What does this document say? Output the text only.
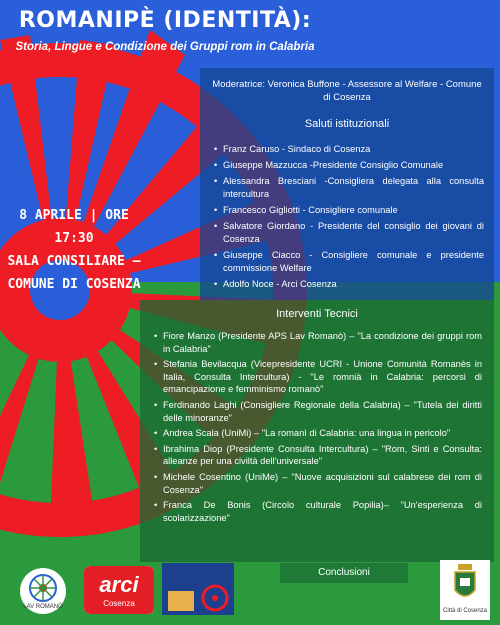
ROMANIPÈ (IDENTITÀ):
Storia, Lingue e Condizione dei Gruppi rom in Calabria
8 APRILE | ORE 17:30
SALA CONSILIARE –
COMUNE DI COSENZA
Moderatrice: Veronica Buffone - Assessore al Welfare - Comune di Cosenza
Saluti istituzionali
• Franz Caruso - Sindaco di Cosenza
• Giuseppe Mazzucca -Presidente Consiglio Comunale
• Alessandra Bresciani -Consigliera delegata alla consulta intercultura
• Francesco Gigliotti - Consigliere comunale
• Salvatore Giordano - Presidente del consiglio dei giovani di Cosenza
• Giuseppe Ciacco - Consigliere comunale e presidente commissione Welfare
• Adolfo Noce - Arci Cosenza
Interventi Tecnici
• Fiore Manzo (Presidente APS Lav Romanò) – "La condizione dei gruppi rom in Calabria"
• Stefania Bevilacqua (Vicepresidente UCRI - Unione Comunità Romanès in Italia, Consulta Intercultura) - "Le romnià in Calabria: percorsi di emancipazione e femminismo romanò"
• Ferdinando Laghi (Consigliere Regionale della Calabria) – "Tutela dei diritti delle minoranze"
• Andrea Scala (UniMi) – "La romanì di Calabria: una lingua in pericolo"
• Ibrahima Diop (Presidente Consulta Intercultura) – "Rom, Sinti e Consulta: alleanze per una civiltà dell'universale"
• Michele Cosentino (UniMe) – "Nuove acquisizioni sul calabrese dei rom di Cosenza"
• Franca De Bonis (Circolo culturale Popilia)– "Un'esperienza di scolarizzazione"
Conclusioni
LAV ROMANÒ
arci
Cosenza
Città di Cosenza
